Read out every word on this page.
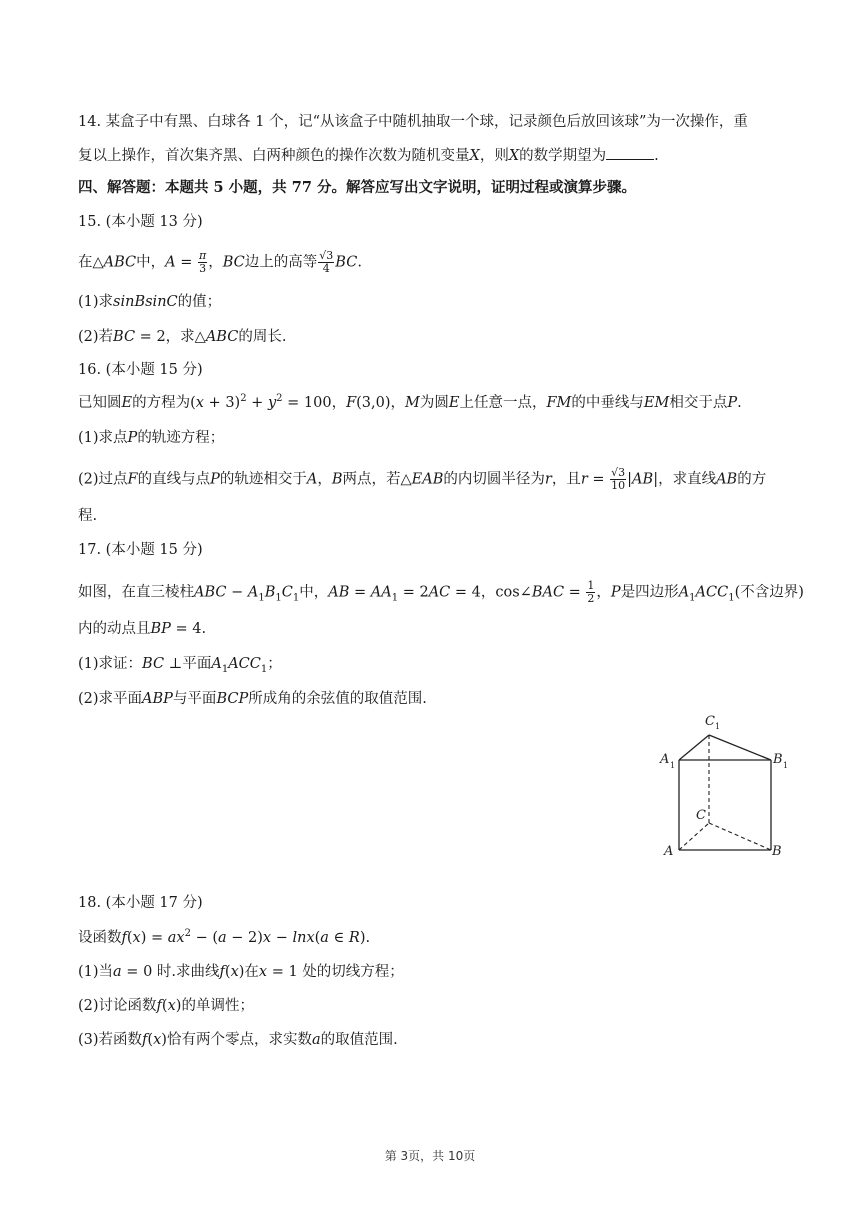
14. 某盒子中有黑、白球各 1 个，记“从该盒子中随机抽取一个球，记录颜色后放回该球”为一次操作，重
复以上操作，首次集齐黑、白两种颜色的操作次数为随机变量X，则X的数学期望为	.
四、解答题：本题共 5 小题，共 77 分。解答应写出文字说明，证明过程或演算步骤。
15. (本小题 13 分)
在△ABC中，$A = \frac{\pi}{3}$ ，BC边上的高等 $\frac{√3}{4}$ BC.
(1)求sinBsinC的值；
(2)若BC = 2，求△ABC的周长.
16. (本小题 15 分)
已知圆E的方程为$(x + 3)^2 + y^2 = 100$，F(3,0)，M为圆E上任意一点，FM的中垂线与EM相交于点P.
(1)求点P的轨迹方程；
(2)过点F的直线与点P的轨迹相交于A，B两点，若△EAB的内切圆半径为r，且$r = \frac{√3}{10} |AB|$，求直线AB的方
程.
17. (本小题 15 分)
如图，在直三棱柱ABC − $A_1B_1C_1$中，AB = $AA_1 = 2AC = 4$，cos∠BAC = $\frac{1}{2}$ ，P是四边形$A_1ACC_1$(不含边界)
内的动点且BP = 4.
(1)求证：BC ⊥平面$A_1ACC_1$；
(2)求平面ABP与平面BCP所成角的余弦值的取值范围.
C 1
A 1	B 1
C
A	B
18. (本小题 17 分)
设函数$f(x) = ax^2 - (a - 2)x - \ln x(a$ ∈ R).
(1)当a = 0 时.求曲线f(x)在x = 1 处的切线方程；
(2)讨论函数f(x)的单调性；
(3)若函数f(x)恰有两个零点，求实数a的取值范围.
第 3页，共 10页
